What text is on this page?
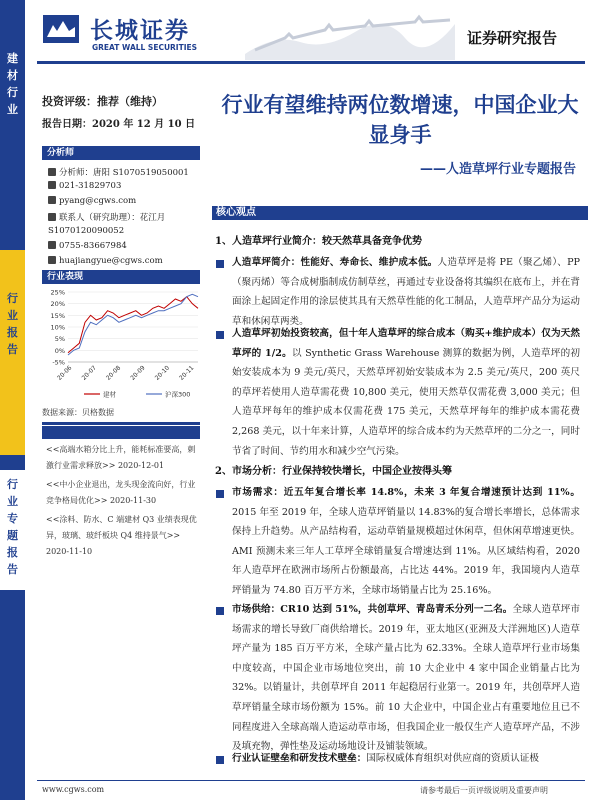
建
材
行
业
行
业
报
告
行
业
专
题
报
告
长城证券
GREAT WALL SECURITIES
证券研究报告
投资评级：推荐（维持）
报告日期：2020 年 12 月 10 日
分析师
分析师：唐阳 S1070519050001
021-31829703
pyang@cgws.com
联系人（研究助理）：花江月
S1070120090052
0755-83667984
huajiangyue@cgws.com
行业表现
25%
20%
15%
10%
5%
0%
-5%
20-06 20-07 20-08 20-09 20-10 20-11
建材	沪深300
数据来源：贝格数据
<<高端水箱分比上升，能耗标准要高，刺激行业需求释放>> 2020-12-01
<<中小企业退出，龙头现金流向好，行业竞争格局优化>> 2020-11-30
<<涂料、防水、C 端建材 Q3 业绩表现优异，玻璃、玻纤板块 Q4 维持景气>> 2020-11-10
行业有望维持两位数增速，中国企业大显身手
——人造草坪行业专题报告
核心观点
1、人造草坪行业简介：较天然草具备竞争优势
人造草坪简介：性能好、寿命长、维护成本低。人造草坪是将 PE（聚乙烯）、PP（聚丙烯）等合成树脂制成仿制草丝，再通过专业设备将其编织在底布上，并在背面涂上起固定作用的涂层使其具有天然草性能的化工制品，人造草坪产品分为运动草和休闲草两类。
人造草坪初始投资较高，但十年人造草坪的综合成本（购买+维护成本）仅为天然草坪的 1/2。以 Synthetic Grass Warehouse 测算的数据为例，人造草坪的初始安装成本为 9 美元/英尺，天然草坪初始安装成本为 2.5 美元/英尺，200 英尺的草坪若使用人造草需花费 10,800 美元，使用天然草仅需花费 3,000 美元；但人造草坪每年的维护成本仅需花费 175 美元，天然草坪每年的维护成本需花费 2,268 美元，以十年来计算，人造草坪的综合成本约为天然草坪的二分之一，同时节省了时间、节约用水和减少空气污染。
2、市场分析：行业保持较快增长，中国企业按得头筹
市场需求：近五年复合增长率 14.8%，未来 3 年复合增速预计达到 11%。2015 年至 2019 年，全球人造草坪销量以 14.83%的复合增长率增长，总体需求保持上升趋势。从产品结构看，运动草销量规模超过休闲草，但休闲草增速更快。AMI 预测未来三年人工草坪全球销量复合增速达到 11%。从区域结构看，2020 年人造草坪在欧洲市场所占份额最高，占比达 44%。2019 年，我国境内人造草坪销量为 74.80 百万平方米，全球市场销量占比为 25.16%。
市场供给：CR10 达到 51%，共创草坪、青岛青禾分列一二名。全球人造草坪市场需求的增长导致厂商供给增长。2019 年，亚太地区(亚洲及大洋洲地区)人造草坪产量为 185 百万平方米，全球产量占比为 62.33%。全球人造草坪行业市场集中度较高，中国企业市场地位突出，前 10 大企业中 4 家中国企业销量占比为 32%。以销量计，共创草坪自 2011 年起稳居行业第一。2019 年，共创草坪人造草坪销量全球市场份额为 15%。前 10 大企业中，中国企业占有重要地位且已不同程度进入全球高端人造运动草市场，但我国企业一般仅生产人造草坪产品，不涉及填充物，弹性垫及运动场地设计及铺装领域。
行业认证壁垒和研发技术壁垒：国际权威体育组织对供应商的资质认证极
www.cgws.com	请参考最后一页评级说明及重要声明
